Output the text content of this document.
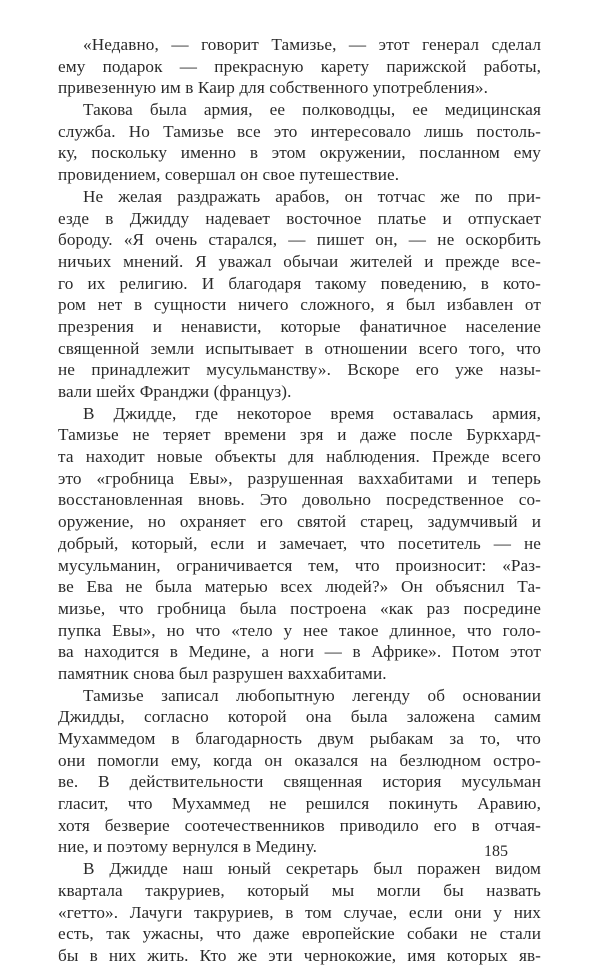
«Недавно, — говорит Тамизье, — этот генерал сделал
ему подарок — прекрасную карету парижской работы,
привезенную им в Каир для собственного употребления».
Такова была армия, ее полководцы, ее медицинская
служба. Но Тамизье все это интересовало лишь постоль-
ку, поскольку именно в этом окружении, посланном ему
провидением, совершал он свое путешествие.
Не желая раздражать арабов, он тотчас же по при-
езде в Джидду надевает восточное платье и отпускает
бороду. «Я очень старался, — пишет он, — не оскорбить
ничьих мнений. Я уважал обычаи жителей и прежде все-
го их религию. И благодаря такому поведению, в кото-
ром нет в сущности ничего сложного, я был избавлен от
презрения и ненависти, которые фанатичное население
священной земли испытывает в отношении всего того, что
не принадлежит мусульманству». Вскоре его уже назы-
вали шейх Франджи (француз).
В Джидде, где некоторое время оставалась армия,
Тамизье не теряет времени зря и даже после Буркхард-
та находит новые объекты для наблюдения. Прежде всего
это «гробница Евы», разрушенная ваххабитами и теперь
восстановленная вновь. Это довольно посредственное со-
оружение, но охраняет его святой старец, задумчивый и
добрый, который, если и замечает, что посетитель — не
мусульманин, ограничивается тем, что произносит: «Раз-
ве Ева не была матерью всех людей?» Он объяснил Та-
мизье, что гробница была построена «как раз посредине
пупка Евы», но что «тело у нее такое длинное, что голо-
ва находится в Медине, а ноги — в Африке». Потом этот
памятник снова был разрушен ваххабитами.
Тамизье записал любопытную легенду об основании
Джидды, согласно которой она была заложена самим
Мухаммедом в благодарность двум рыбакам за то, что
они помогли ему, когда он оказался на безлюдном остро-
ве. В действительности священная история мусульман
гласит, что Мухаммед не решился покинуть Аравию,
хотя безверие соотечественников приводило его в отчая-
ние, и поэтому вернулся в Медину.
В Джидде наш юный секретарь был поражен видом
квартала такруриев, который мы могли бы назвать
«гетто». Лачуги такруриев, в том случае, если они у них
есть, так ужасны, что даже европейские собаки не стали
бы в них жить. Кто же эти чернокожие, имя которых яв-
185
